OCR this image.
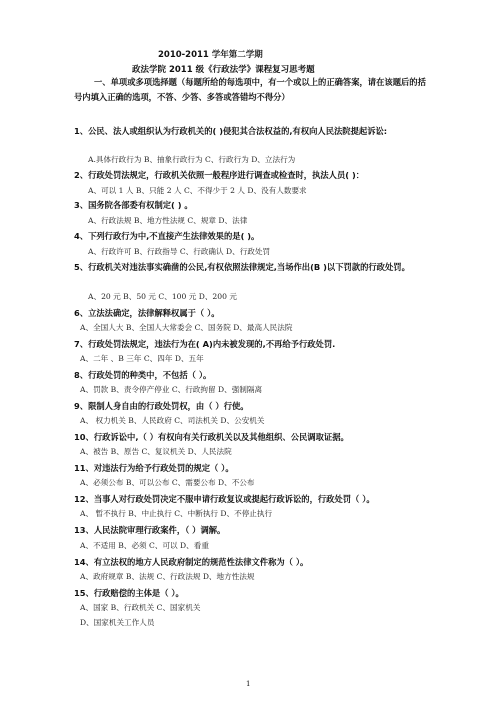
2010-2011 学年第二学期
政法学院 2011 级《行政法学》课程复习思考题
一、单项或多项选择题（每题所给的每选项中，有一个或以上的正确答案，请在该题后的括号内填入正确的选项，不答、少答、多答或答错均不得分）
1、公民、法人或组织认为行政机关的( )侵犯其合法权益的,有权向人民法院提起诉讼:
A.具体行政行为 B、抽象行政行为 C、行政行为 D、立法行为
2、行政处罚法规定，行政机关依照一般程序进行调查或检查时，执法人员( )：
A、可以 1 人 B、只能 2 人 C、不得少于 2 人 D、没有人数要求
3、国务院各部委有权制定( ) 。
A、行政法规 B、地方性法规 C、规章 D、法律
4、下列行政行为中,不直接产生法律效果的是( )。
A、行政许可 B、行政指导 C、行政确认 D、行政处罚
5、行政机关对违法事实确凿的公民,有权依照法律规定,当场作出(B )以下罚款的行政处罚。
A、20 元 B、50 元 C、100 元 D、200 元
6、立法法确定，法律解释权属于（ ）。
A、全国人大 B、全国人大常委会 C、国务院 D、最高人民法院
7、行政处罚法规定，违法行为在( A)内未被发现的,不再给予行政处罚.
A、二年 、B 三年 C、四年 D、五年
8、行政处罚的种类中，不包括（ ）。
A、罚款 B、责令停产停业 C、行政拘留 D、强制隔离
9、限制人身自由的行政处罚权，由（ ）行使。
A、 权力机关 B、人民政府 C、司法机关 D、公安机关
10、行政诉讼中,（ ）有权向有关行政机关以及其他组织、公民调取证据。
A、被告 B、原告 C、复议机关 D、人民法院
11、对违法行为给予行政处罚的规定（ ）。
A、必须公布 B、可以公布 C、需要公布 D、不公布
12、当事人对行政处罚决定不服申请行政复议或提起行政诉讼的，行政处罚（ ）。
A、 暂不执行 B、中止执行 C、中断执行 D、不停止执行
13、人民法院审理行政案件，（ ）调解。
A、不适用 B、必须 C、可以 D、看重
14、有立法权的地方人民政府制定的规范性法律文件称为（ ）。
A、政府规章 B、法规 C、行政法规 D、地方性法规
15、行政赔偿的主体是（ ）。
A、国家 B、行政机关 C、国家机关
D、国家机关工作人员
1
